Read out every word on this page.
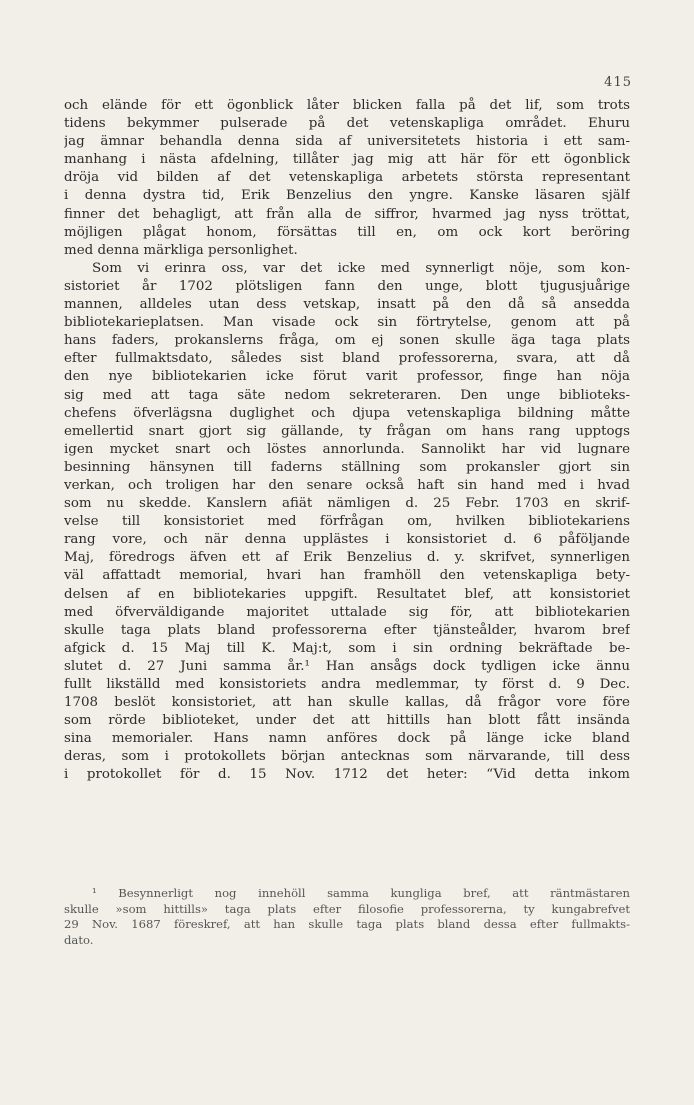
415
och elände för ett ögonblick låter blicken falla på det lif, som trots
tidens bekymmer pulserade på det vetenskapliga området. Ehuru
jag ämnar behandla denna sida af universitetets historia i ett sam-
manhang i nästa afdelning, tillåter jag mig att här för ett ögonblick
dröja vid bilden af det vetenskapliga arbetets största representant
i denna dystra tid, Erik Benzelius den yngre. Kanske läsaren själf
finner det behagligt, att från alla de siffror, hvarmed jag nyss tröttat,
möjligen plågat honom, försättas till en, om ock kort beröring
med denna märkliga personlighet.
Som vi erinra oss, var det icke med synnerligt nöje, som kon-
sistoriet år 1702 plötsligen fann den unge, blott tjugusjuårige
mannen, alldeles utan dess vetskap, insatt på den då så ansedda
bibliotekarieplatsen. Man visade ock sin förtrytelse, genom att på
hans faders, prokanslerns fråga, om ej sonen skulle äga taga plats
efter fullmaktsdato, således sist bland professorerna, svara, att då
den nye bibliotekarien icke förut varit professor, finge han nöja
sig med att taga säte nedom sekreteraren. Den unge biblioteks-
chefens öfverlägsna duglighet och djupa vetenskapliga bildning måtte
emellertid snart gjort sig gällande, ty frågan om hans rang upptogs
igen mycket snart och löstes annorlunda. Sannolikt har vid lugnare
besinning hänsynen till faderns ställning som prokansler gjort sin
verkan, och troligen har den senare också haft sin hand med i hvad
som nu skedde. Kanslern afiät nämligen d. 25 Febr. 1703 en skrif-
velse till konsistoriet med förfrågan om, hvilken bibliotekariens
rang vore, och när denna upplästes i konsistoriet d. 6 påföljande
Maj, föredrogs äfven ett af Erik Benzelius d. y. skrifvet, synnerligen
väl affattadt memorial, hvari han framhöll den vetenskapliga bety-
delsen af en bibliotekaries uppgift. Resultatet blef, att konsistoriet
med öfverväldigande majoritet uttalade sig för, att bibliotekarien
skulle taga plats bland professorerna efter tjänsteålder, hvarom bref
afgick d. 15 Maj till K. Maj:t, som i sin ordning bekräftade be-
slutet d. 27 Juni samma år.¹ Han ansågs dock tydligen icke ännu
fullt likställd med konsistoriets andra medlemmar, ty först d. 9 Dec.
1708 beslöt konsistoriet, att han skulle kallas, då frågor vore före
som rörde biblioteket, under det att hittills han blott fått insända
sina memorialer. Hans namn anföres dock på länge icke bland
deras, som i protokollets början antecknas som närvarande, till dess
i protokollet för d. 15 Nov. 1712 det heter: “Vid detta inkom
¹ Besynnerligt nog innehöll samma kungliga bref, att räntmästaren
skulle »som hittills» taga plats efter filosofie professorerna, ty kungabrefvet
29 Nov. 1687 föreskref, att han skulle taga plats bland dessa efter fullmakts-
dato.
